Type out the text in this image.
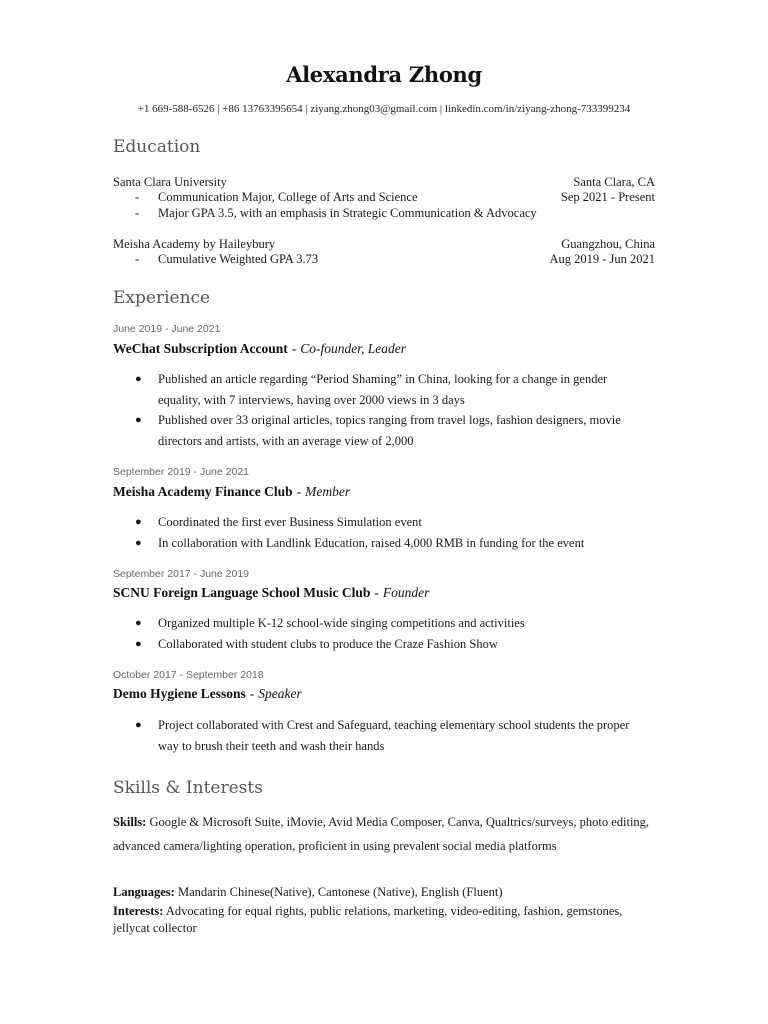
Alexandra Zhong
+1 669-588-6526 | +86 13763395654 | ziyang.zhong03@gmail.com | linkedin.com/in/ziyang-zhong-733399234
Education
Santa Clara University	Santa Clara, CA
- Communication Major, College of Arts and Science	Sep 2021 - Present
- Major GPA 3.5, with an emphasis in Strategic Communication & Advocacy
Meisha Academy by Haileybury	Guangzhou, China
- Cumulative Weighted GPA 3.73	Aug 2019 - Jun 2021
Experience
June 2019 - June 2021
WeChat Subscription Account - Co-founder, Leader
● Published an article regarding “Period Shaming” in China, looking for a change in gender equality, with 7 interviews, having over 2000 views in 3 days
● Published over 33 original articles, topics ranging from travel logs, fashion designers, movie directors and artists, with an average view of 2,000
September 2019 - June 2021
Meisha Academy Finance Club - Member
● Coordinated the first ever Business Simulation event
● In collaboration with Landlink Education, raised 4,000 RMB in funding for the event
September 2017 - June 2019
SCNU Foreign Language School Music Club - Founder
● Organized multiple K-12 school-wide singing competitions and activities
● Collaborated with student clubs to produce the Craze Fashion Show
October 2017 - September 2018
Demo Hygiene Lessons - Speaker
● Project collaborated with Crest and Safeguard, teaching elementary school students the proper way to brush their teeth and wash their hands
Skills & Interests
Skills: Google & Microsoft Suite, iMovie, Avid Media Composer, Canva, Qualtrics/surveys, photo editing, advanced camera/lighting operation, proficient in using prevalent social media platforms
Languages: Mandarin Chinese(Native), Cantonese (Native), English (Fluent)
Interests: Advocating for equal rights, public relations, marketing, video-editing, fashion, gemstones, jellycat collector
